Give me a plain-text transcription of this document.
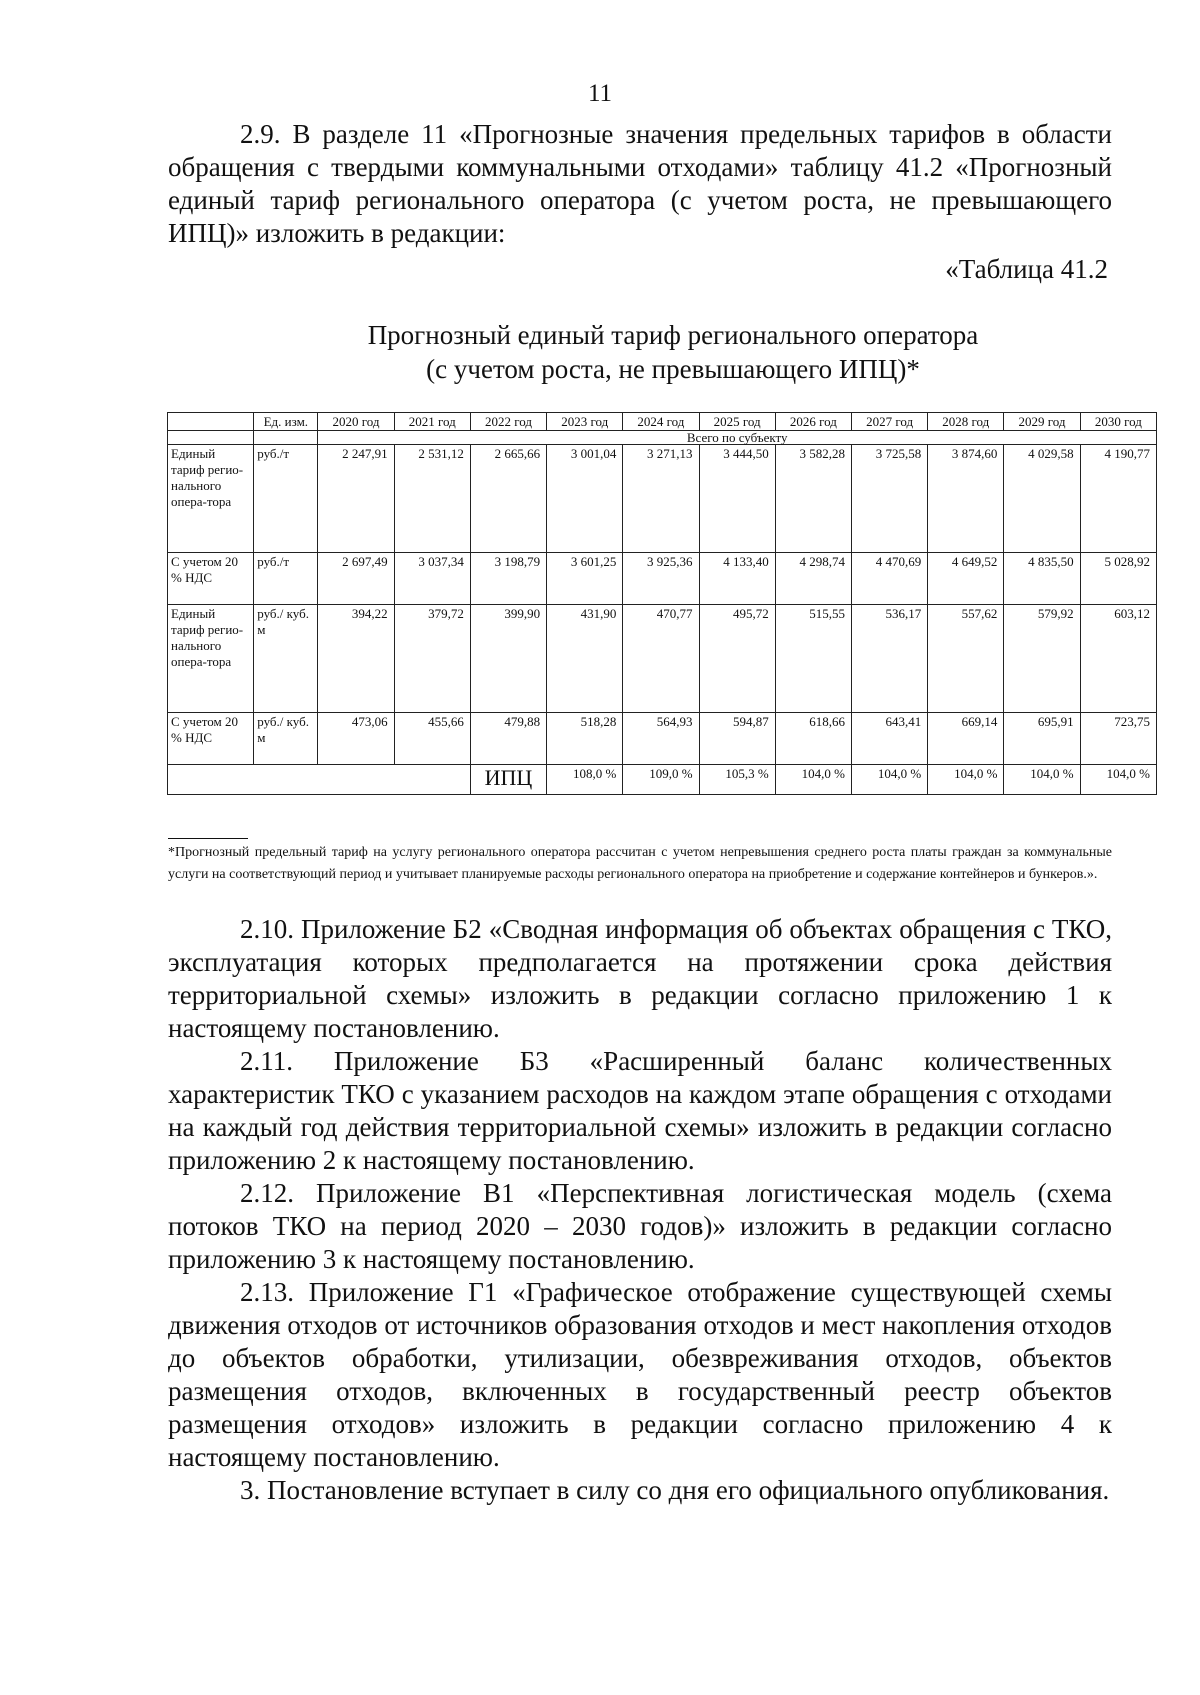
11

2.9. В разделе 11 «Прогнозные значения предельных тарифов в области обращения с твердыми коммунальными отходами» таблицу 41.2 «Прогнозный единый тариф регионального оператора (с учетом роста, не превышающего ИПЦ)» изложить в редакции:

«Таблица 41.2
Прогнозный единый тариф регионального оператора
(с учетом роста, не превышающего ИПЦ)*
	Ед. изм.	2020 год	2021 год	2022 год	2023 год	2024 год	2025 год	2026 год	2027 год	2028 год	2029 год	2030 год
		Всего по субъекту										
Единый тариф регио-нального опера-тора	руб./т	2 247,91	2 531,12	2 665,66	3 001,04	3 271,13	3 444,50	3 582,28	3 725,58	3 874,60	4 029,58	4 190,77
С учетом 20 % НДС	руб./т	2 697,49	3 037,34	3 198,79	3 601,25	3 925,36	4 133,40	4 298,74	4 470,69	4 649,52	4 835,50	5 028,92
Единый тариф регио-нального опера-тора	руб./ куб. м	394,22	379,72	399,90	431,90	470,77	495,72	515,55	536,17	557,62	579,92	603,12
С учетом 20 % НДС	руб./ куб. м	473,06	455,66	479,88	518,28	564,93	594,87	618,66	643,41	669,14	695,91	723,75
				ИПЦ	108,0 %	109,0 %	105,3 %	104,0 %	104,0 %	104,0 %	104,0 %	104,0 %

*Прогнозный предельный тариф на услугу регионального оператора рассчитан с учетом непревышения среднего роста платы граждан за коммунальные услуги на соответствующий период и учитывает планируемые расходы регионального оператора на приобретение и содержание контейнеров и бункеров.».

2.10. Приложение Б2 «Сводная информация об объектах обращения с ТКО, эксплуатация которых предполагается на протяжении срока действия территориальной схемы» изложить в редакции согласно приложению 1 к настоящему постановлению.

2.11. Приложение Б3 «Расширенный баланс количественных характеристик ТКО с указанием расходов на каждом этапе обращения с отходами на каждый год действия территориальной схемы» изложить в редакции согласно приложению 2 к настоящему постановлению.

2.12. Приложение В1 «Перспективная логистическая модель (схема потоков ТКО на период 2020 – 2030 годов)» изложить в редакции согласно приложению 3 к настоящему постановлению.

2.13. Приложение Г1 «Графическое отображение существующей схемы движения отходов от источников образования отходов и мест накопления отходов до объектов обработки, утилизации, обезвреживания отходов, объектов размещения отходов, включенных в государственный реестр объектов размещения отходов» изложить в редакции согласно приложению 4 к настоящему постановлению.

3. Постановление вступает в силу со дня его официального опубликования.
